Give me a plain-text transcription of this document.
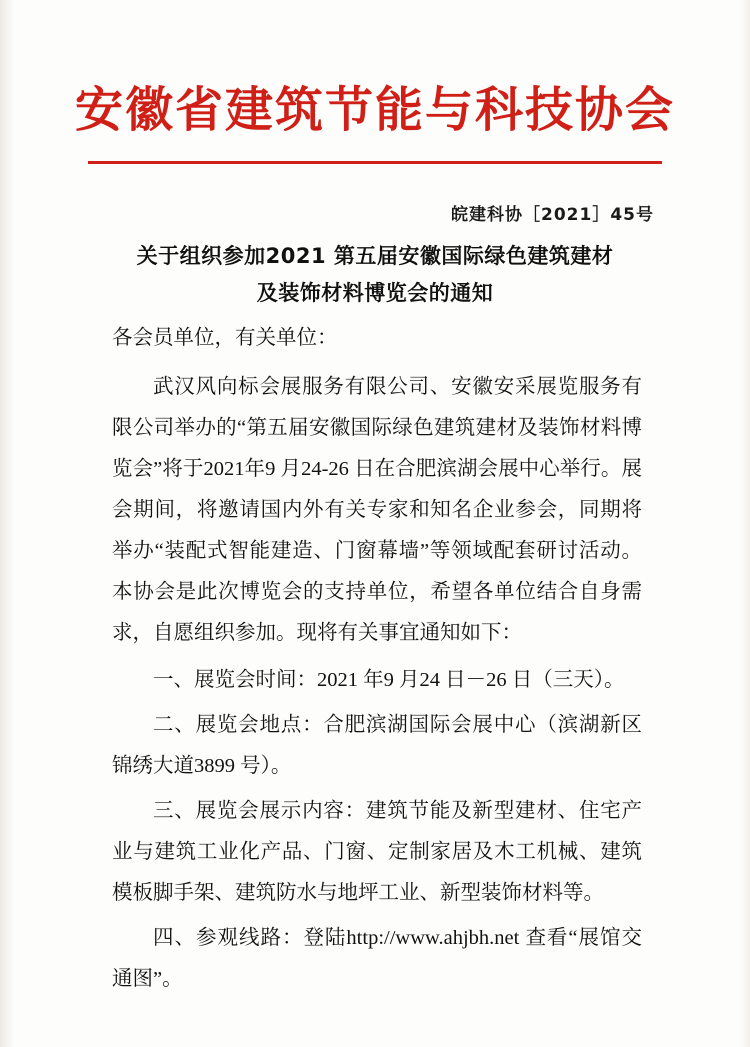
安徽省建筑节能与科技协会
皖建科协［2021］45号
关于组织参加2021 第五届安徽国际绿色建筑建材
及装饰材料博览会的通知

各会员单位，有关单位：

武汉风向标会展服务有限公司、安徽安采展览服务有限公司举办的“第五届安徽国际绿色建筑建材及装饰材料博览会”将于2021年9 月24-26 日在合肥滨湖会展中心举行。展会期间，将邀请国内外有关专家和知名企业参会，同期将举办“装配式智能建造、门窗幕墙”等领域配套研讨活动。本协会是此次博览会的支持单位，希望各单位结合自身需求，自愿组织参加。现将有关事宜通知如下：

一、展览会时间：2021 年9 月24 日－26 日（三天）。

二、展览会地点：合肥滨湖国际会展中心（滨湖新区锦绣大道3899 号）。

三、展览会展示内容：建筑节能及新型建材、住宅产业与建筑工业化产品、门窗、定制家居及木工机械、建筑模板脚手架、建筑防水与地坪工业、新型装饰材料等。

四、参观线路：登陆http://www.ahjbh.net 查看“展馆交通图”。
